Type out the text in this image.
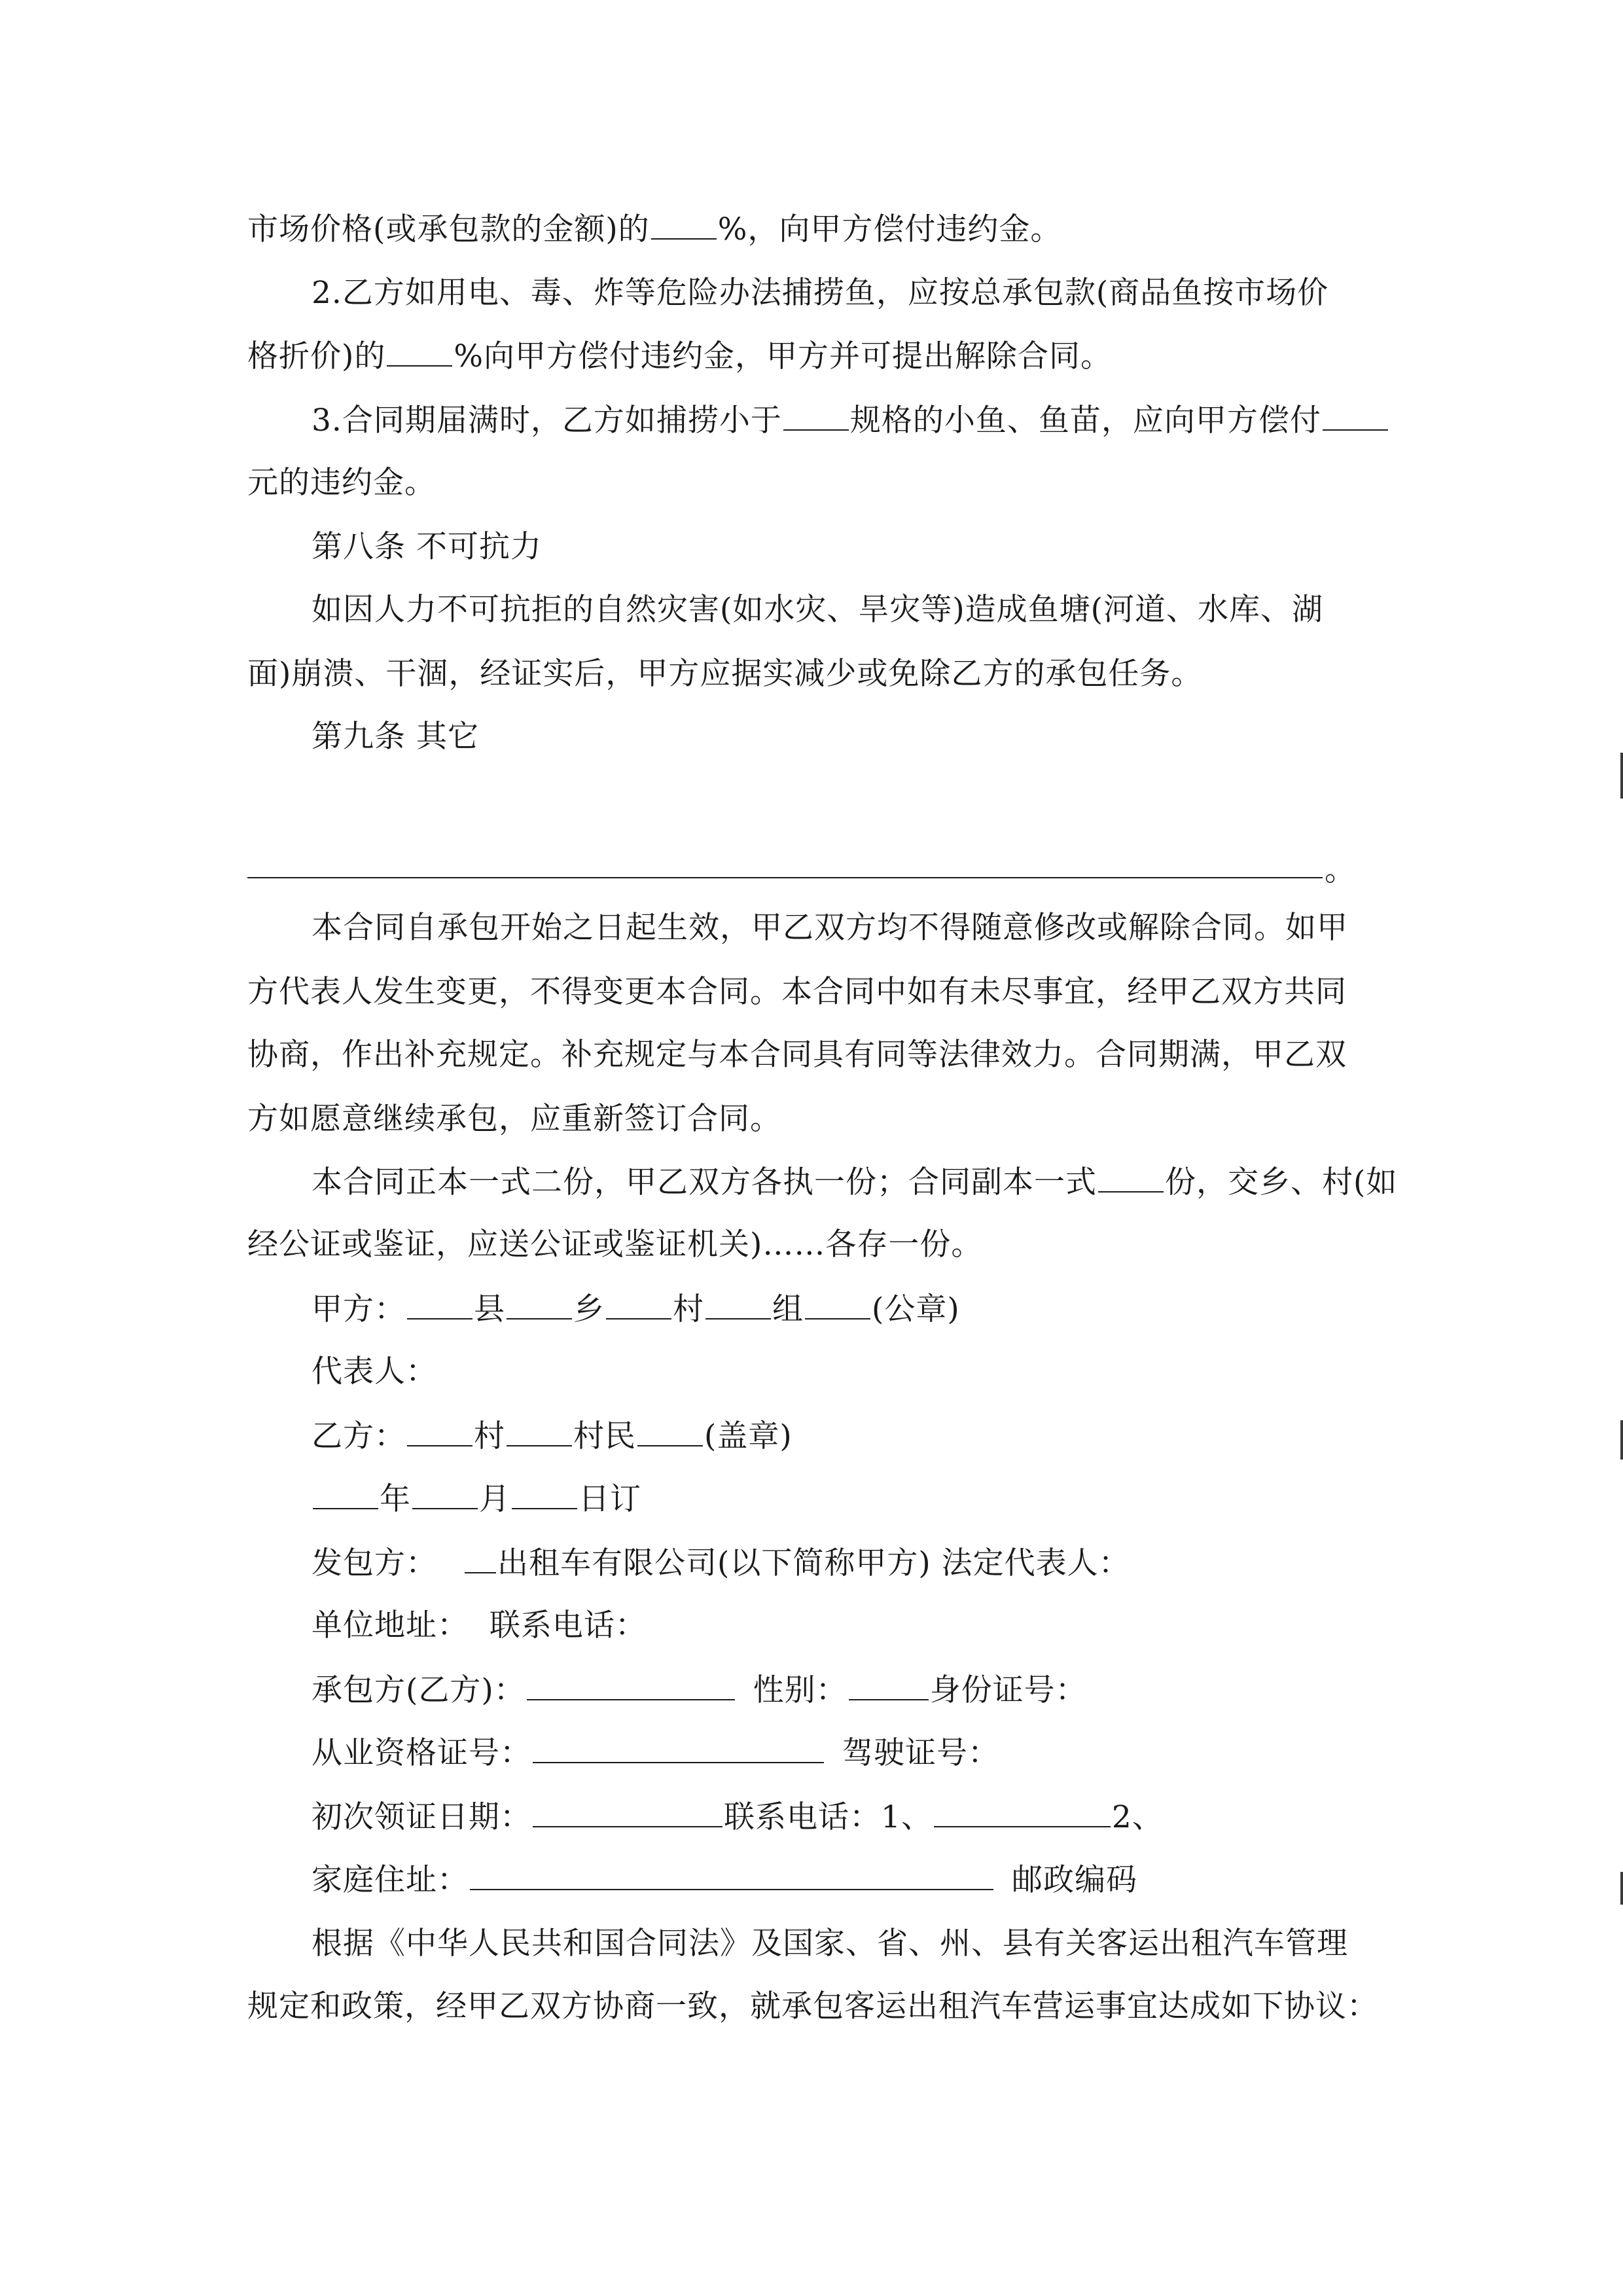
市场价格(或承包款的金额)的 %，向甲方偿付违约金。
2.乙方如用电、毒、炸等危险办法捕捞鱼，应按总承包款(商品鱼按市场价
格折价)的 %向甲方偿付违约金，甲方并可提出解除合同。
3.合同期届满时，乙方如捕捞小于 规格的小鱼、鱼苗，应向甲方偿付
元的违约金。
第八条 不可抗力
如因人力不可抗拒的自然灾害(如水灾、旱灾等)造成鱼塘(河道、水库、湖
面)崩溃、干涸，经证实后，甲方应据实减少或免除乙方的承包任务。
第九条 其它
。
本合同自承包开始之日起生效，甲乙双方均不得随意修改或解除合同。如甲
方代表人发生变更，不得变更本合同。本合同中如有未尽事宜，经甲乙双方共同
协商，作出补充规定。补充规定与本合同具有同等法律效力。合同期满，甲乙双
方如愿意继续承包，应重新签订合同。
本合同正本一式二份，甲乙双方各执一份；合同副本一式 份，交乡、村(如
经公证或鉴证，应送公证或鉴证机关)……各存一份。
甲方： 县 乡 村 组 (公章)
代表人：
乙方： 村 村民 (盖章)
年 月 日订
发包方： 出租车有限公司(以下简称甲方) 法定代表人：
单位地址：  联系电话：
承包方(乙方)：	性别：	身份证号：
从业资格证号：	驾驶证号：
初次领证日期：	联系电话：1、	2、
家庭住址：	邮政编码
根据《中华人民共和国合同法》及国家、省、州、县有关客运出租汽车管理
规定和政策，经甲乙双方协商一致，就承包客运出租汽车营运事宜达成如下协议：
